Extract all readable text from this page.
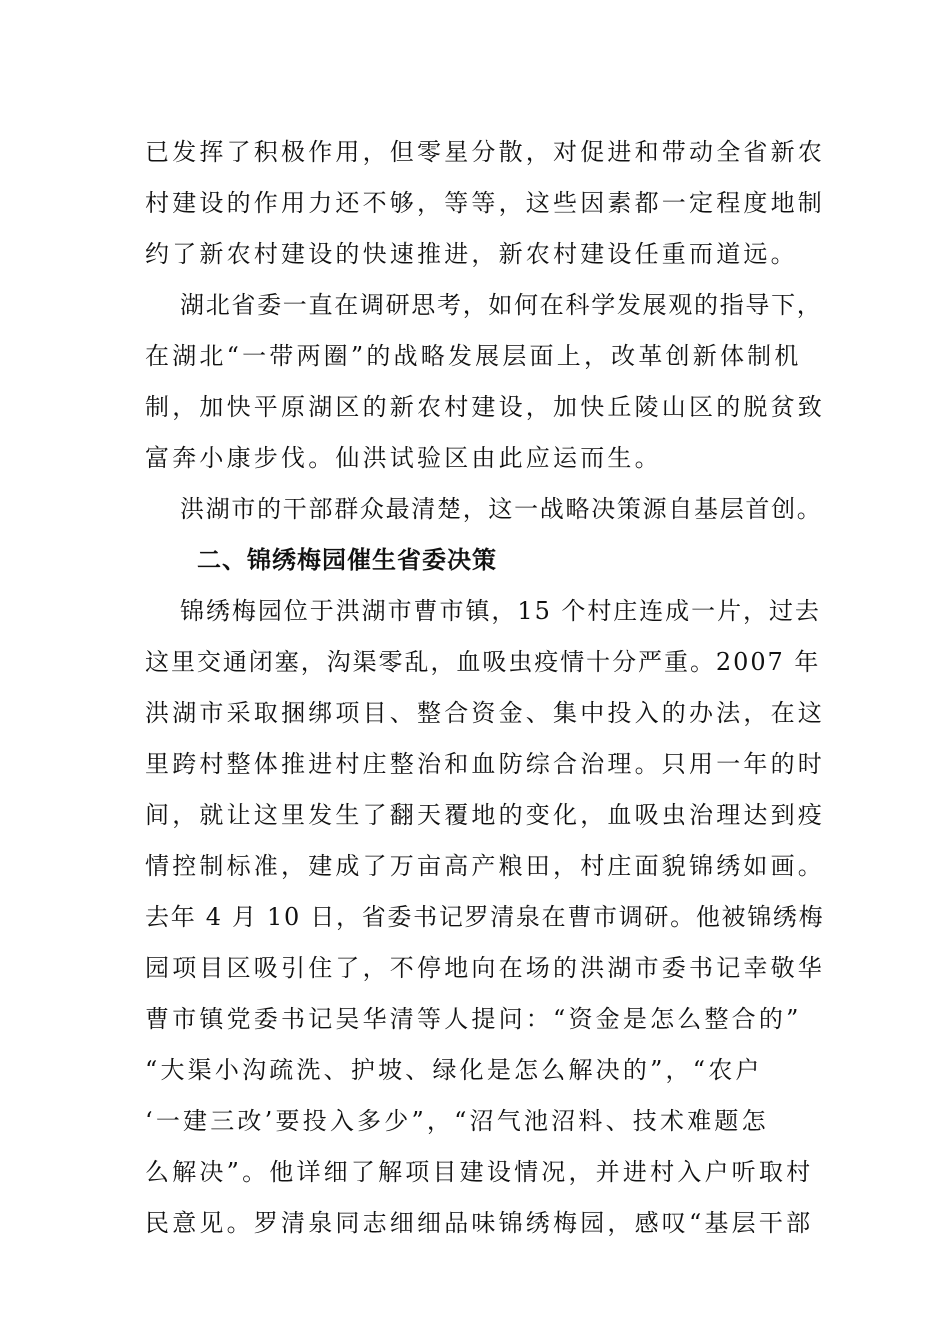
已发挥了积极作用，但零星分散，对促进和带动全省新农
村建设的作用力还不够，等等，这些因素都一定程度地制
约了新农村建设的快速推进，新农村建设任重而道远。
湖北省委一直在调研思考，如何在科学发展观的指导下，
在湖北“一带两圈”的战略发展层面上，改革创新体制机
制，加快平原湖区的新农村建设，加快丘陵山区的脱贫致
富奔小康步伐。仙洪试验区由此应运而生。
洪湖市的干部群众最清楚，这一战略决策源自基层首创。
二、锦绣梅园催生省委决策
锦绣梅园位于洪湖市曹市镇，15 个村庄连成一片，过去
这里交通闭塞，沟渠零乱，血吸虫疫情十分严重。2007 年
洪湖市采取捆绑项目、整合资金、集中投入的办法，在这
里跨村整体推进村庄整治和血防综合治理。只用一年的时
间，就让这里发生了翻天覆地的变化，血吸虫治理达到疫
情控制标准，建成了万亩高产粮田，村庄面貌锦绣如画。
去年 4 月 10 日，省委书记罗清泉在曹市调研。他被锦绣梅
园项目区吸引住了，不停地向在场的洪湖市委书记幸敬华
曹市镇党委书记吴华清等人提问：“资金是怎么整合的”
“大渠小沟疏洗、护坡、绿化是怎么解决的”，“农户
‘一建三改’要投入多少”，“沼气池沼料、技术难题怎
么解决”。他详细了解项目建设情况，并进村入户听取村
民意见。罗清泉同志细细品味锦绣梅园，感叹“基层干部
